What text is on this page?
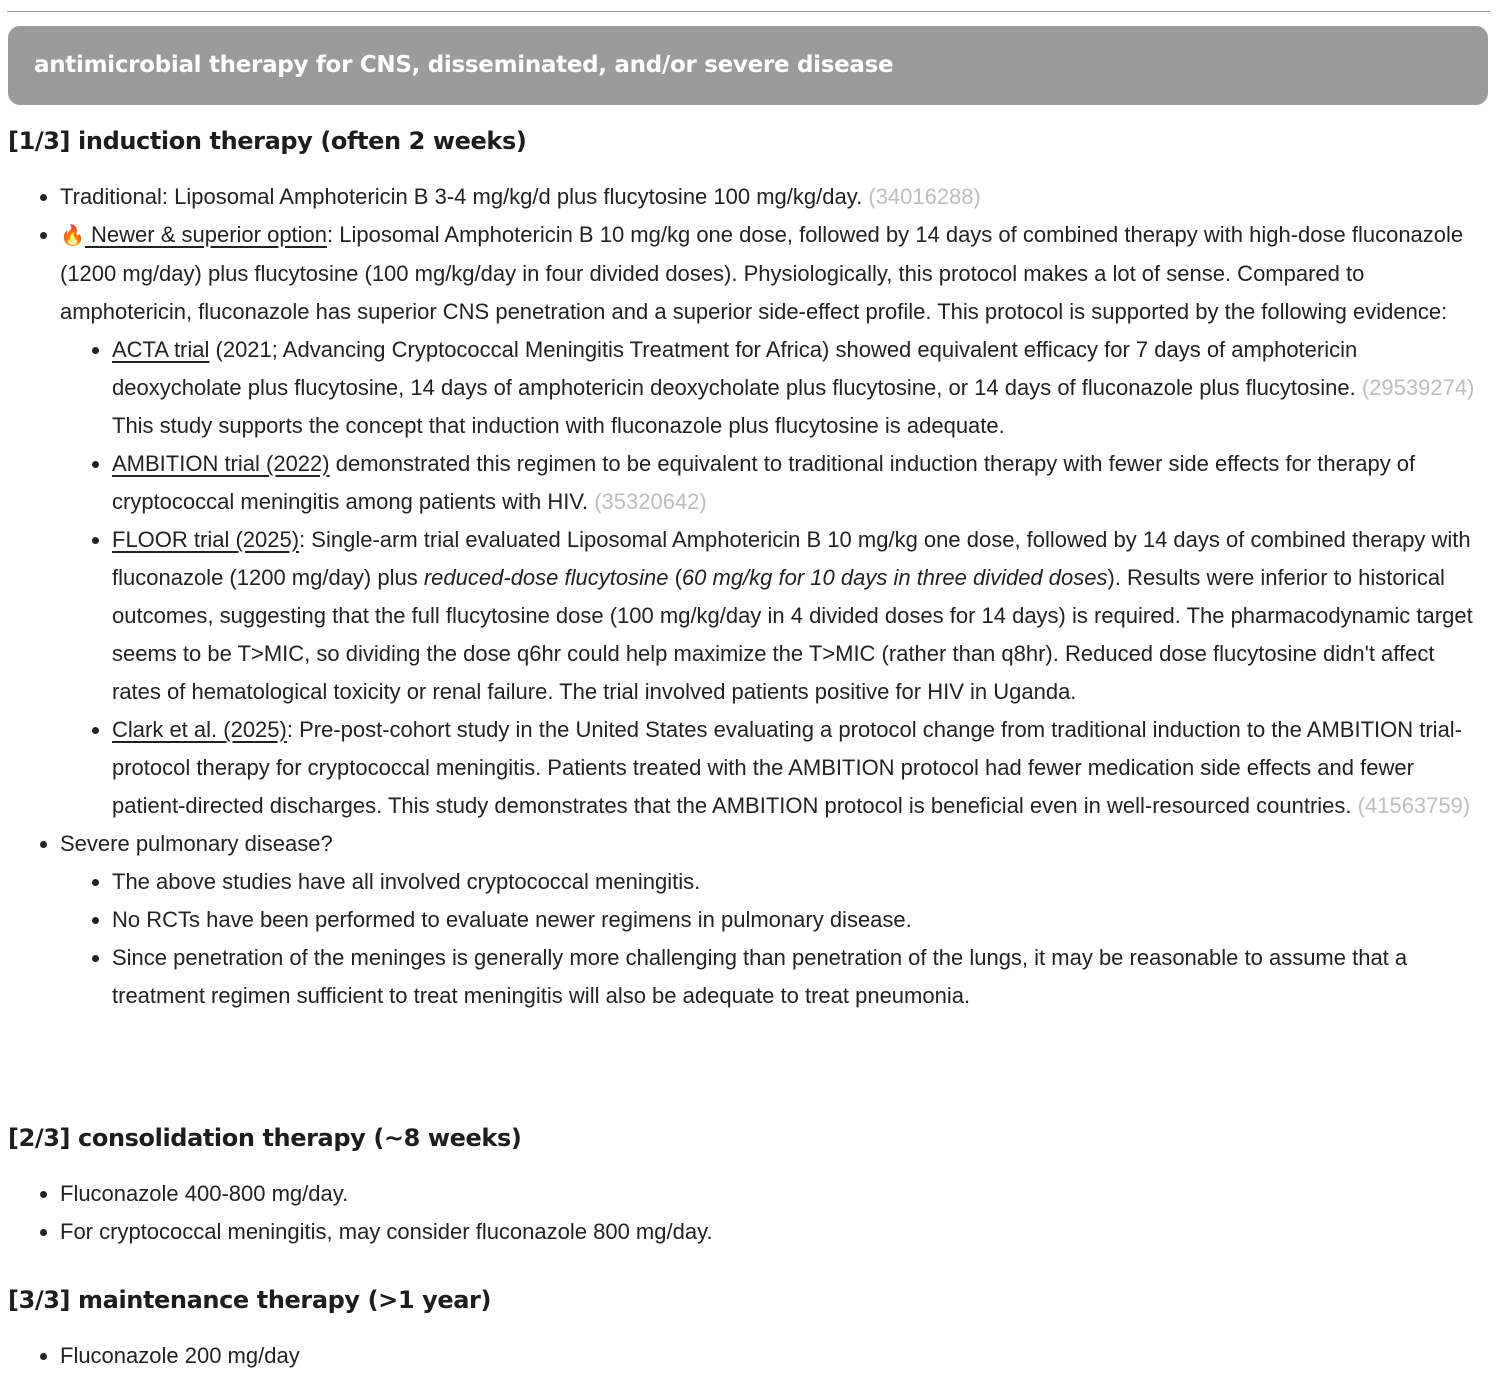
antimicrobial therapy for CNS, disseminated, and/or severe disease
[1/3] induction therapy (often 2 weeks)
Traditional: Liposomal Amphotericin B 3-4 mg/kg/d plus flucytosine 100 mg/kg/day. (34016288)
🔥 Newer & superior option: Liposomal Amphotericin B 10 mg/kg one dose, followed by 14 days of combined therapy with high-dose fluconazole (1200 mg/day) plus flucytosine (100 mg/kg/day in four divided doses). Physiologically, this protocol makes a lot of sense. Compared to amphotericin, fluconazole has superior CNS penetration and a superior side-effect profile. This protocol is supported by the following evidence:
ACTA trial (2021; Advancing Cryptococcal Meningitis Treatment for Africa) showed equivalent efficacy for 7 days of amphotericin deoxycholate plus flucytosine, 14 days of amphotericin deoxycholate plus flucytosine, or 14 days of fluconazole plus flucytosine. (29539274) This study supports the concept that induction with fluconazole plus flucytosine is adequate.
AMBITION trial (2022) demonstrated this regimen to be equivalent to traditional induction therapy with fewer side effects for therapy of cryptococcal meningitis among patients with HIV. (35320642)
FLOOR trial (2025): Single-arm trial evaluated Liposomal Amphotericin B 10 mg/kg one dose, followed by 14 days of combined therapy with fluconazole (1200 mg/day) plus reduced-dose flucytosine (60 mg/kg for 10 days in three divided doses). Results were inferior to historical outcomes, suggesting that the full flucytosine dose (100 mg/kg/day in 4 divided doses for 14 days) is required. The pharmacodynamic target seems to be T>MIC, so dividing the dose q6hr could help maximize the T>MIC (rather than q8hr). Reduced dose flucytosine didn't affect rates of hematological toxicity or renal failure. The trial involved patients positive for HIV in Uganda.
Clark et al. (2025): Pre-post-cohort study in the United States evaluating a protocol change from traditional induction to the AMBITION trial-protocol therapy for cryptococcal meningitis. Patients treated with the AMBITION protocol had fewer medication side effects and fewer patient-directed discharges. This study demonstrates that the AMBITION protocol is beneficial even in well-resourced countries. (41563759)
Severe pulmonary disease?
The above studies have all involved cryptococcal meningitis.
No RCTs have been performed to evaluate newer regimens in pulmonary disease.
Since penetration of the meninges is generally more challenging than penetration of the lungs, it may be reasonable to assume that a treatment regimen sufficient to treat meningitis will also be adequate to treat pneumonia.
[2/3] consolidation therapy (~8 weeks)
Fluconazole 400-800 mg/day.
For cryptococcal meningitis, may consider fluconazole 800 mg/day.
[3/3] maintenance therapy (>1 year)
Fluconazole 200 mg/day
